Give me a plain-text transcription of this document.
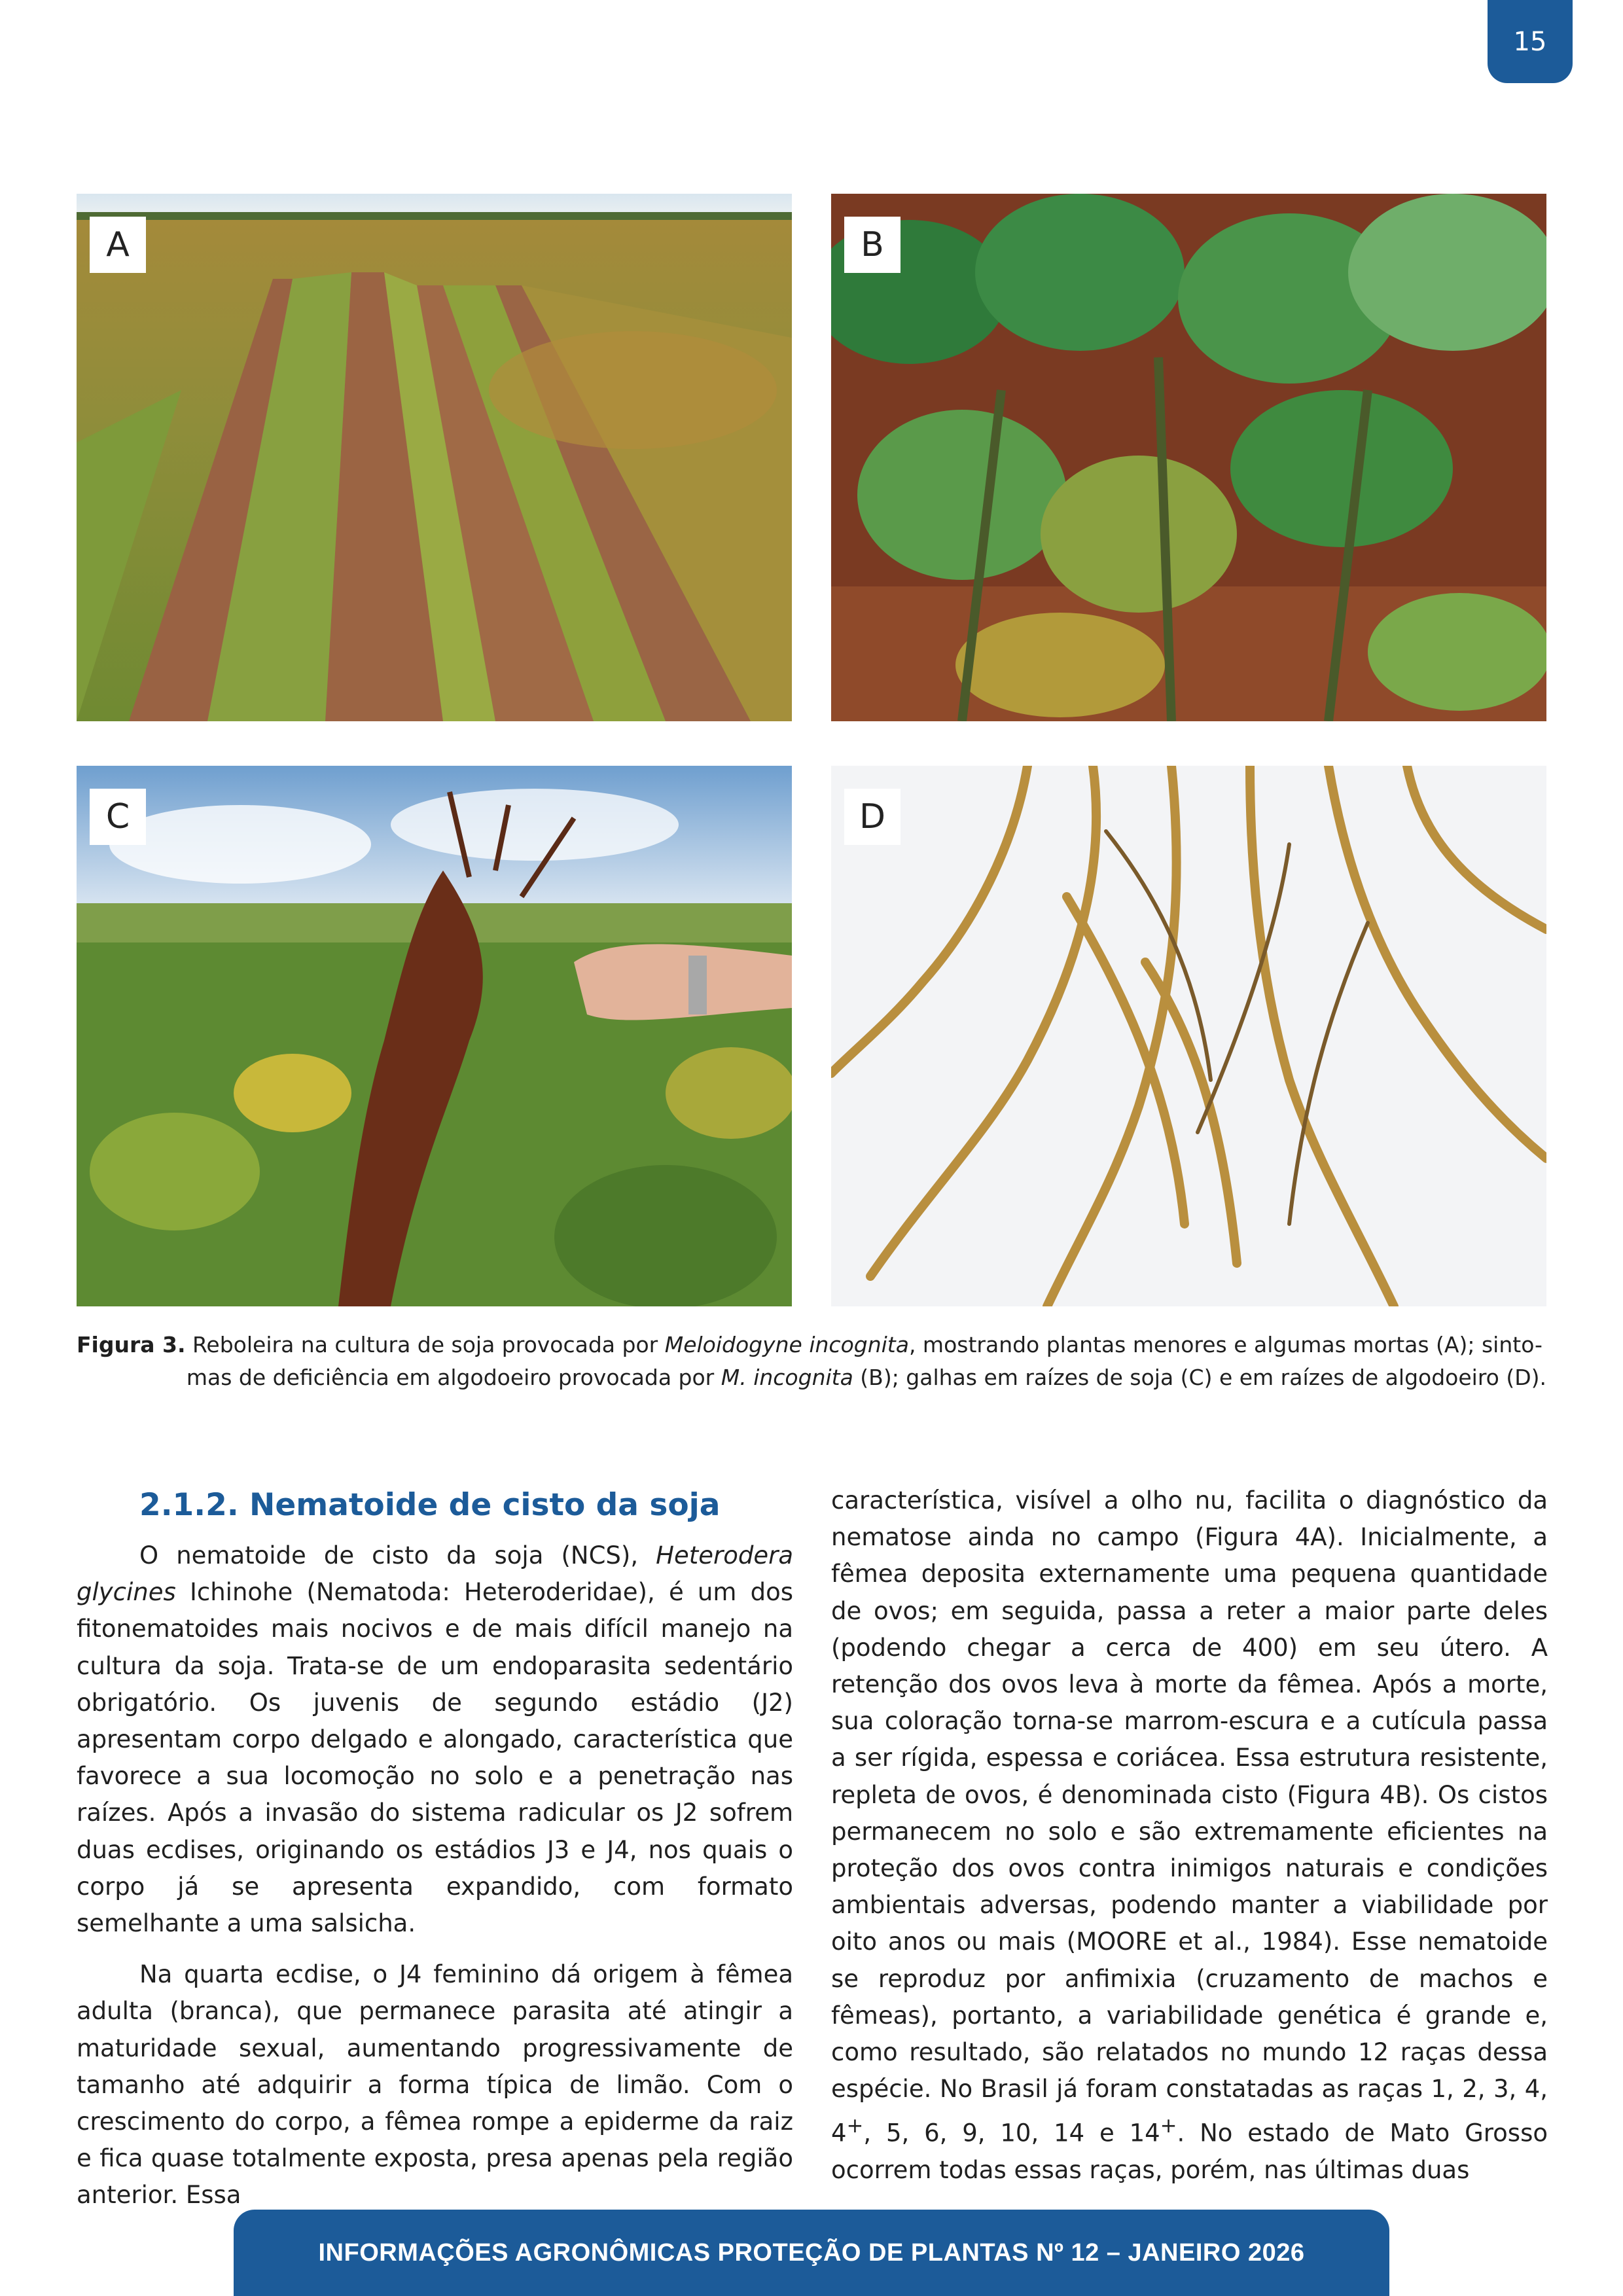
15
A	B
C	D
Figura 3. Reboleira na cultura de soja provocada por Meloidogyne incognita, mostrando plantas menores e algumas mortas (A); sinto-
mas de deficiência em algodoeiro provocada por M. incognita (B); galhas em raízes de soja (C) e em raízes de algodoeiro (D).
2.1.2. Nematoide de cisto da soja

O nematoide de cisto da soja (NCS), Heterodera glycines Ichinohe (Nematoda: Heteroderidae), é um dos fitonematoides mais nocivos e de mais difícil manejo na cultura da soja. Trata-se de um endoparasita sedentário obrigatório. Os juvenis de segundo estádio (J2) apresentam corpo delgado e alongado, característica que favorece a sua locomoção no solo e a penetração nas raízes. Após a invasão do sistema radicular os J2 sofrem duas ecdises, originando os estádios J3 e J4, nos quais o corpo já se apresenta expandido, com formato semelhante a uma salsicha.

Na quarta ecdise, o J4 feminino dá origem à fêmea adulta (branca), que permanece parasita até atingir a maturidade sexual, aumentando progressivamente de tamanho até adquirir a forma típica de limão. Com o crescimento do corpo, a fêmea rompe a epiderme da raiz e fica quase totalmente exposta, presa apenas pela região anterior. Essa

característica, visível a olho nu, facilita o diagnóstico da nematose ainda no campo (Figura 4A). Inicialmente, a fêmea deposita externamente uma pequena quantidade de ovos; em seguida, passa a reter a maior parte deles (podendo chegar a cerca de 400) em seu útero. A retenção dos ovos leva à morte da fêmea. Após a morte, sua coloração torna-se marrom-escura e a cutícula passa a ser rígida, espessa e coriácea. Essa estrutura resistente, repleta de ovos, é denominada cisto (Figura 4B). Os cistos permanecem no solo e são extremamente eficientes na proteção dos ovos contra inimigos naturais e condições ambientais adversas, podendo manter a viabilidade por oito anos ou mais (MOORE et al., 1984). Esse nematoide se reproduz por anfimixia (cruzamento de machos e fêmeas), portanto, a variabilidade genética é grande e, como resultado, são relatados no mundo 12 raças dessa espécie. No Brasil já foram constatadas as raças 1, 2, 3, 4, 4+, 5, 6, 9, 10, 14 e 14+. No estado de Mato Grosso ocorrem todas essas raças, porém, nas últimas duas

INFORMAÇÕES AGRONÔMICAS PROTEÇÃO DE PLANTAS Nº 12 – JANEIRO 2026
